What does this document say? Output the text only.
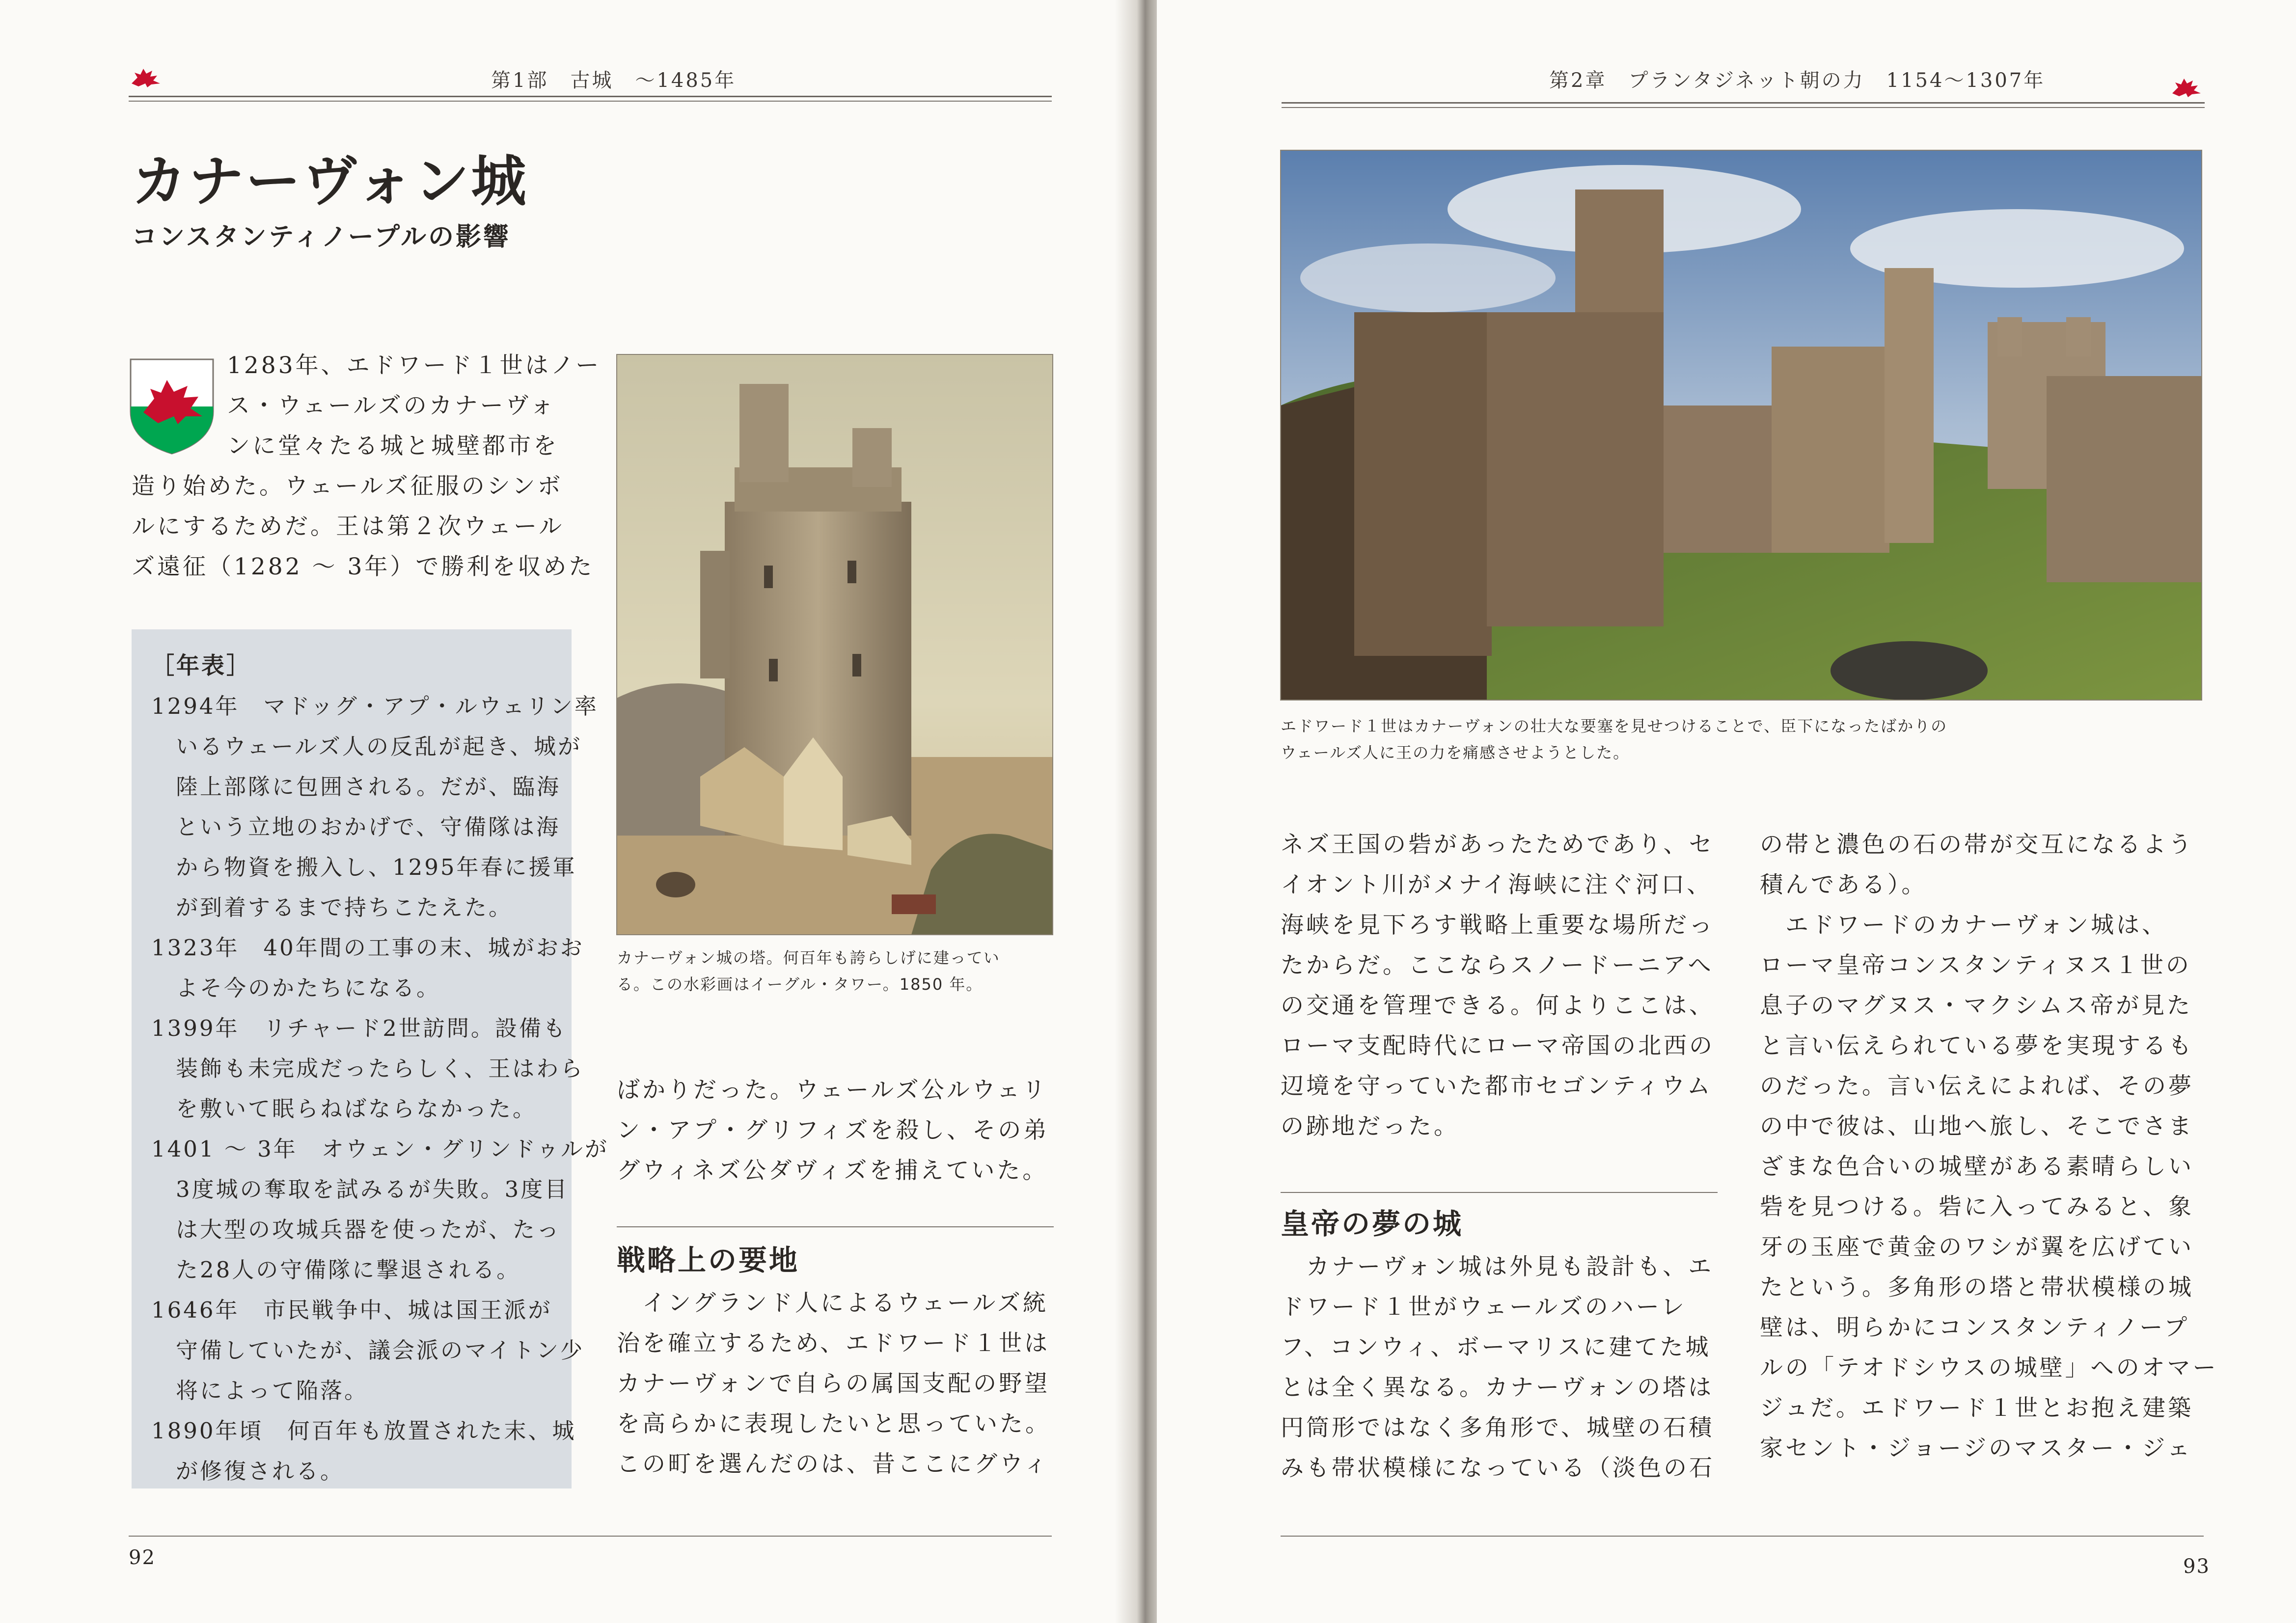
第1部　古城　〜1485年
カナーヴォン城
コンスタンティノープルの影響
1283年、エドワード１世はノー
ス・ウェールズのカナーヴォ
ンに堂々たる城と城壁都市を
造り始めた。ウェールズ征服のシンボ
ルにするためだ。王は第２次ウェール
ズ遠征（1282 〜 3年）で勝利を収めた
［年表］
1294年　マドッグ・アプ・ルウェリン率
いるウェールズ人の反乱が起き、城が
陸上部隊に包囲される。だが、臨海
という立地のおかげで、守備隊は海
から物資を搬入し、1295年春に援軍
が到着するまで持ちこたえた。
1323年　40年間の工事の末、城がおお
よそ今のかたちになる。
1399年　リチャード2世訪問。設備も
装飾も未完成だったらしく、王はわら
を敷いて眠らねばならなかった。
1401 〜 3年　オウェン・グリンドゥルが
3度城の奪取を試みるが失敗。3度目
は大型の攻城兵器を使ったが、たっ
た28人の守備隊に撃退される。
1646年　市民戦争中、城は国王派が
守備していたが、議会派のマイトン少
将によって陥落。
1890年頃　何百年も放置された末、城
が修復される。
カナーヴォン城の塔。何百年も誇らしげに建ってい
る。この水彩画はイーグル・タワー。1850 年。
ばかりだった。ウェールズ公ルウェリ
ン・アプ・グリフィズを殺し、その弟
グウィネズ公ダヴィズを捕えていた。
戦略上の要地
　イングランド人によるウェールズ統
治を確立するため、エドワード１世は
カナーヴォンで自らの属国支配の野望
を高らかに表現したいと思っていた。
この町を選んだのは、昔ここにグウィ
92
第2章　プランタジネット朝の力　1154〜1307年
エドワード１世はカナーヴォンの壮大な要塞を見せつけることで、臣下になったばかりの
ウェールズ人に王の力を痛感させようとした。
ネズ王国の砦があったためであり、セ
イオント川がメナイ海峡に注ぐ河口、
海峡を見下ろす戦略上重要な場所だっ
たからだ。ここならスノードーニアへ
の交通を管理できる。何よりここは、
ローマ支配時代にローマ帝国の北西の
辺境を守っていた都市セゴンティウム
の跡地だった。
皇帝の夢の城
　カナーヴォン城は外見も設計も、エ
ドワード１世がウェールズのハーレ
フ、コンウィ、ボーマリスに建てた城
とは全く異なる。カナーヴォンの塔は
円筒形ではなく多角形で、城壁の石積
みも帯状模様になっている（淡色の石
の帯と濃色の石の帯が交互になるよう
積んである）。
　エドワードのカナーヴォン城は、
ローマ皇帝コンスタンティヌス１世の
息子のマグヌス・マクシムス帝が見た
と言い伝えられている夢を実現するも
のだった。言い伝えによれば、その夢
の中で彼は、山地へ旅し、そこでさま
ざまな色合いの城壁がある素晴らしい
砦を見つける。砦に入ってみると、象
牙の玉座で黄金のワシが翼を広げてい
たという。多角形の塔と帯状模様の城
壁は、明らかにコンスタンティノープ
ルの「テオドシウスの城壁」へのオマー
ジュだ。エドワード１世とお抱え建築
家セント・ジョージのマスター・ジェ
93
